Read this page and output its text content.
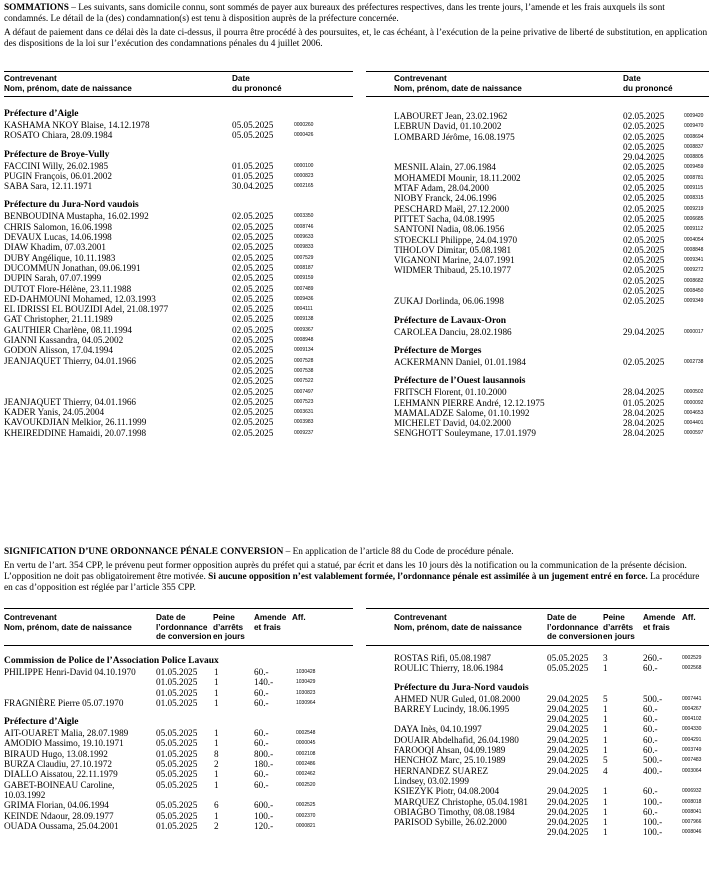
SOMMATIONS – Les suivants, sans domicile connu, sont sommés de payer aux bureaux des préfectures respectives, dans les trente jours, l’amende et les frais auxquels ils sont condamnés. Le détail de la (des) condamnation(s) est tenu à disposition auprès de la préfecture concernée.
A défaut de paiement dans ce délai dès la date ci-dessus, il pourra être procédé à des poursuites, et, le cas échéant, à l’exécution de la peine privative de liberté de substitution, en application des dispositions de la loi sur l’exécution des condamnations pénales du 4 juillet 2006.
Contrevenant
Nom, prénom, date de naissance
Date
du prononcé
Contrevenant
Nom, prénom, date de naissance
Date
du prononcé
Préfecture d’Aigle
KASHAMA NKOY Blaise, 14.12.1978	05.05.2025	0000260
ROSATO Chiara, 28.09.1984	05.05.2025	0000426
Préfecture de Broye-Vully
FACCINI Willy, 26.02.1985	01.05.2025	0000100
PUGIN François, 06.01.2002	01.05.2025	0000823
SABA Sara, 12.11.1971	30.04.2025	0002165
Préfecture du Jura-Nord vaudois
BENBOUDINA Mustapha, 16.02.1992	02.05.2025	0003350
CHRIS Salomon, 16.06.1998	02.05.2025	0008746
DEVAUX Lucas, 14.06.1998	02.05.2025	0009633
DIAW Khadim, 07.03.2001	02.05.2025	0009833
DUBY Angélique, 10.11.1983	02.05.2025	0007529
DUCOMMUN Jonathan, 09.06.1991	02.05.2025	0008187
DUPIN Sarah, 07.07.1999	02.05.2025	0009159
DUTOT Flore-Hélène, 23.11.1988	02.05.2025	0007489
ED-DAHMOUNI Mohamed, 12.03.1993	02.05.2025	0009436
EL IDRISSI EL BOUZIDI Adel, 21.08.1977	02.05.2025	0004111
GAT Christopher, 21.11.1989	02.05.2025	0009138
GAUTHIER Charlène, 08.11.1994	02.05.2025	0009367
GIANNI Kassandra, 04.05.2002	02.05.2025	0008948
GODON Alisson, 17.04.1994	02.05.2025	0009134
JEANJAQUET Thierry, 04.01.1966	02.05.2025	0007528
02.05.2025	0007538
02.05.2025	0007522
02.05.2025	0007497
JEANJAQUET Thierry, 04.01.1966	02.05.2025	0007523
KADER Yanis, 24.05.2004	02.05.2025	0003631
KAVOUKDJIAN Melkior, 26.11.1999	02.05.2025	0003983
KHEIREDDINE Hamaidi, 20.07.1998	02.05.2025	0009237
LABOURET Jean, 23.02.1962	02.05.2025	0009420
LEBRUN David, 01.10.2002	02.05.2025	0009470
LOMBARD Jérôme, 16.08.1975	02.05.2025	0008694
02.05.2025	0008837
29.04.2025	0008805
MESNIL Alain, 27.06.1984	02.05.2025	0009459
MOHAMEDI Mounir, 18.11.2002	02.05.2025	0008781
MTAF Adam, 28.04.2000	02.05.2025	0009115
NIOBY Franck, 24.06.1996	02.05.2025	0008315
PESCHARD Maël, 27.12.2000	02.05.2025	0009219
PITTET Sacha, 04.08.1995	02.05.2025	0006685
SANTONI Nadia, 08.06.1956	02.05.2025	0009112
STOECKLI Philippe, 24.04.1970	02.05.2025	0004054
TIHOLOV Dimitar, 05.08.1981	02.05.2025	0008848
VIGANONI Marine, 24.07.1991	02.05.2025	0009341
WIDMER Thibaud, 25.10.1977	02.05.2025	0009272
02.05.2025	0008682
02.05.2025	0008450
ZUKAJ Dorlinda, 06.06.1998	02.05.2025	0009349
Préfecture de Lavaux-Oron
CAROLEA Danciu, 28.02.1986	29.04.2025	0000017
Préfecture de Morges
ACKERMANN Daniel, 01.01.1984	02.05.2025	0002738
Préfecture de l’Ouest lausannois
FRITSCH Florent, 01.10.2000	28.04.2025	0000502
LEHMANN PIERRE André, 12.12.1975	01.05.2025	0000092
MAMALADZE Salome, 01.10.1992	28.04.2025	0004653
MICHELET David, 04.02.2000	28.04.2025	0004401
SENGHOTT Souleymane, 17.01.1979	28.04.2025	0000597
SIGNIFICATION D’UNE ORDONNANCE PÉNALE CONVERSION – En application de l’article 88 du Code de procédure pénale.
En vertu de l’art. 354 CPP, le prévenu peut former opposition auprès du préfet qui a statué, par écrit et dans les 10 jours dès la notification ou la communication de la présente décision. L’opposition ne doit pas obligatoirement être motivée. Si aucune opposition n’est valablement formée, l’ordonnance pénale est assimilée à un jugement entré en force. La procédure en cas d’opposition est réglée par l’article 355 CPP.
Contrevenant
Nom, prénom, date de naissance
Date de
l’ordonnance
de conversion
Peine
d’arrêts
en jours
Amende
et frais
Aff.	Contrevenant
Nom, prénom, date de naissance
Date de
l’ordonnance
de conversion
Peine
d’arrêts
en jours
Amende
et frais
Aff.
Commission de Police de l’Association Police Lavaux
PHILIPPE Henri-David 04.10.1970 01.05.2025 1	60.-	1030428
01.05.2025 1	140.-	1030429
01.05.2025 1	60.-	1030823
FRAGNIÈRE Pierre 05.07.1970	01.05.2025 1	60.-	1030964
Préfecture d’Aigle
AIT-OUARET Malia, 28.07.1989	05.05.2025 1	60.-	0002548
AMODIO Massimo, 19.10.1971	05.05.2025 1	60.-	0000045
BIRAUD Hugo, 13.08.1992	01.05.2025 8	800.-	0002108
BURZA Claudiu, 27.10.1972	05.05.2025 2	180.-	0002486
DIALLO Aissatou, 22.11.1979	05.05.2025 1	60.-	0002462
GABET-BOINEAU Caroline,	05.05.2025 1	60.-	0002520
10.03.1992
GRIMA Florian, 04.06.1994	05.05.2025 6	600.-	0002525
KEINDE Ndaour, 28.09.1977	05.05.2025 1	100.-	0002370
OUADA Oussama, 25.04.2001	01.05.2025 2	120.-	0000821
ROSTAS Rifi, 05.08.1987	05.05.2025 3	260.-	0002529
ROULIC Thierry, 18.06.1984	05.05.2025 1	60.-	0002568
Préfecture du Jura-Nord vaudois
AHMED NUR Guled, 01.08.2000	29.04.2025 5	500.-	0007441
BARREY Lucindy, 18.06.1995	29.04.2025 1	60.-	0004267
29.04.2025 1	60.-	0004102
DAYA Inès, 04.10.1997	29.04.2025 1	60.-	0004330
DOUAIR Abdelhafid, 26.04.1980	29.04.2025 1	60.-	0004291
FAROOQI Ahsan, 04.09.1989	29.04.2025 1	60.-	0003749
HENCHOZ Marc, 25.10.1989	29.04.2025 5	500.-	0007483
HERNANDEZ SUAREZ	29.04.2025 4	400.-	0003064
Lindsey, 03.02.1999
KSIEZYK Piotr, 04.08.2004	29.04.2025 1	60.-	0006932
MARQUEZ Christophe, 05.04.1981 29.04.2025 1	100.-	0008018
OBIAGBO Timothy, 08.08.1984	29.04.2025 1	60.-	0008041
PARISOD Sybille, 26.02.2000	29.04.2025 1	100.-	0007966
29.04.2025 1	100.-	0008046
